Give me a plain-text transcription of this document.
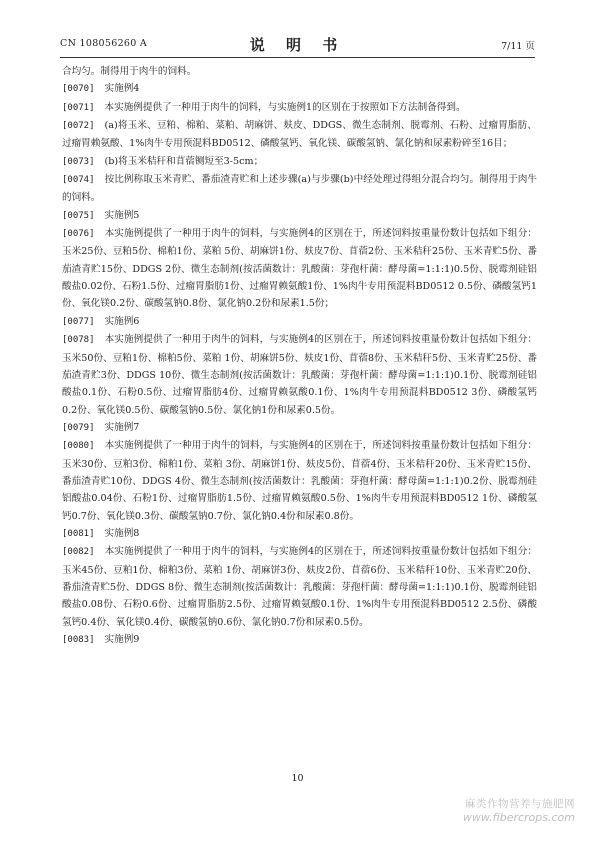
CN 108056260 A	说 明 书	7/11 页
合均匀。制得用于肉牛的饲料。
[0070] 实施例4
[0071] 本实施例提供了一种用于肉牛的饲料，与实施例1的区别在于按照如下方法制备得到。
[0072] (a)将玉米、豆粕、棉粕、菜粕、胡麻饼、麸皮、DDGS、微生态制剂、脱霉剂、石粉、过瘤胃脂肪、过瘤胃赖氨酸、1%肉牛专用预混料BD0512、磷酸氢钙、氧化镁、碳酸氢钠、氯化钠和尿素粉碎至16目；
[0073] (b)将玉米秸秆和苜蓿铡短至3-5cm；
[0074] 按比例称取玉米青贮、番茄渣青贮和上述步骤(a)与步骤(b)中经处理过得组分混合均匀。制得用于肉牛的饲料。
[0075] 实施例5
[0076] 本实施例提供了一种用于肉牛的饲料，与实施例4的区别在于，所述饲料按重量份数计包括如下组分：玉米25份、豆粕5份、棉粕1份、菜粕 5份、胡麻饼1份、麸皮7份、苜蓿2份、玉米秸秆25份、玉米青贮5份、番茄渣青贮15份、DDGS 2份、微生态制剂(按活菌数计：乳酸菌：芽孢杆菌：酵母菌=1:1:1)0.5份、脱霉剂硅铝酸盐0.02份、石粉1.5份、过瘤胃脂肪1份、过瘤胃赖氨酸1份、1%肉牛专用预混料BD0512 0.5份、磷酸氢钙1份、氧化镁0.2份、碳酸氢钠0.8份、氯化钠0.2份和尿素1.5份；
[0077] 实施例6
[0078] 本实施例提供了一种用于肉牛的饲料，与实施例4的区别在于，所述饲料按重量份数计包括如下组分：玉米50份、豆粕1份、棉粕5份、菜粕 1份、胡麻饼5份、麸皮1份、苜蓿8份、玉米秸秆5份、玉米青贮25份、番茄渣青贮3份、DDGS 10份、微生态制剂(按活菌数计：乳酸菌：芽孢杆菌：酵母菌=1:1:1)0.1份、脱霉剂硅铝酸盐0.1份、石粉0.5份、过瘤胃脂肪4份、过瘤胃赖氨酸0.1份、1%肉牛专用预混料BD0512 3份、磷酸氢钙0.2份、氧化镁0.5份、碳酸氢钠0.5份、氯化钠1份和尿素0.5份。
[0079] 实施例7
[0080] 本实施例提供了一种用于肉牛的饲料，与实施例4的区别在于，所述饲料按重量份数计包括如下组分：玉米30份、豆粕3份、棉粕1份、菜粕 3份、胡麻饼1份、麸皮5份、苜蓿4份、玉米秸秆20份、玉米青贮15份、番茄渣青贮10份、DDGS 4份、微生态制剂(按活菌数计：乳酸菌：芽孢杆菌：酵母菌=1:1:1)0.2份、脱霉剂硅铝酸盐0.04份、石粉1份、过瘤胃脂肪1.5份、过瘤胃赖氨酸0.5份、1%肉牛专用预混料BD0512 1份、磷酸氢钙0.7份、氧化镁0.3份、碳酸氢钠0.7份、氯化钠0.4份和尿素0.8份。
[0081] 实施例8
[0082] 本实施例提供了一种用于肉牛的饲料，与实施例4的区别在于，所述饲料按重量份数计包括如下组分：玉米45份、豆粕1份、棉粕3份、菜粕 1份、胡麻饼3份、麸皮2份、苜蓿6份、玉米秸秆10份、玉米青贮20份、番茄渣青贮5份、DDGS 8份、微生态制剂(按活菌数计：乳酸菌：芽孢杆菌：酵母菌=1:1:1)0.1份、脱霉剂硅铝酸盐0.08份、石粉0.6份、过瘤胃脂肪2.5份、过瘤胃赖氨酸0.1份、1%肉牛专用预混料BD0512 2.5份、磷酸氢钙0.4份、氧化镁0.4份、碳酸氢钠0.6份、氯化钠0.7份和尿素0.5份。
[0083] 实施例9
10
麻类作物营养与施肥网
www.fibercrops.com
